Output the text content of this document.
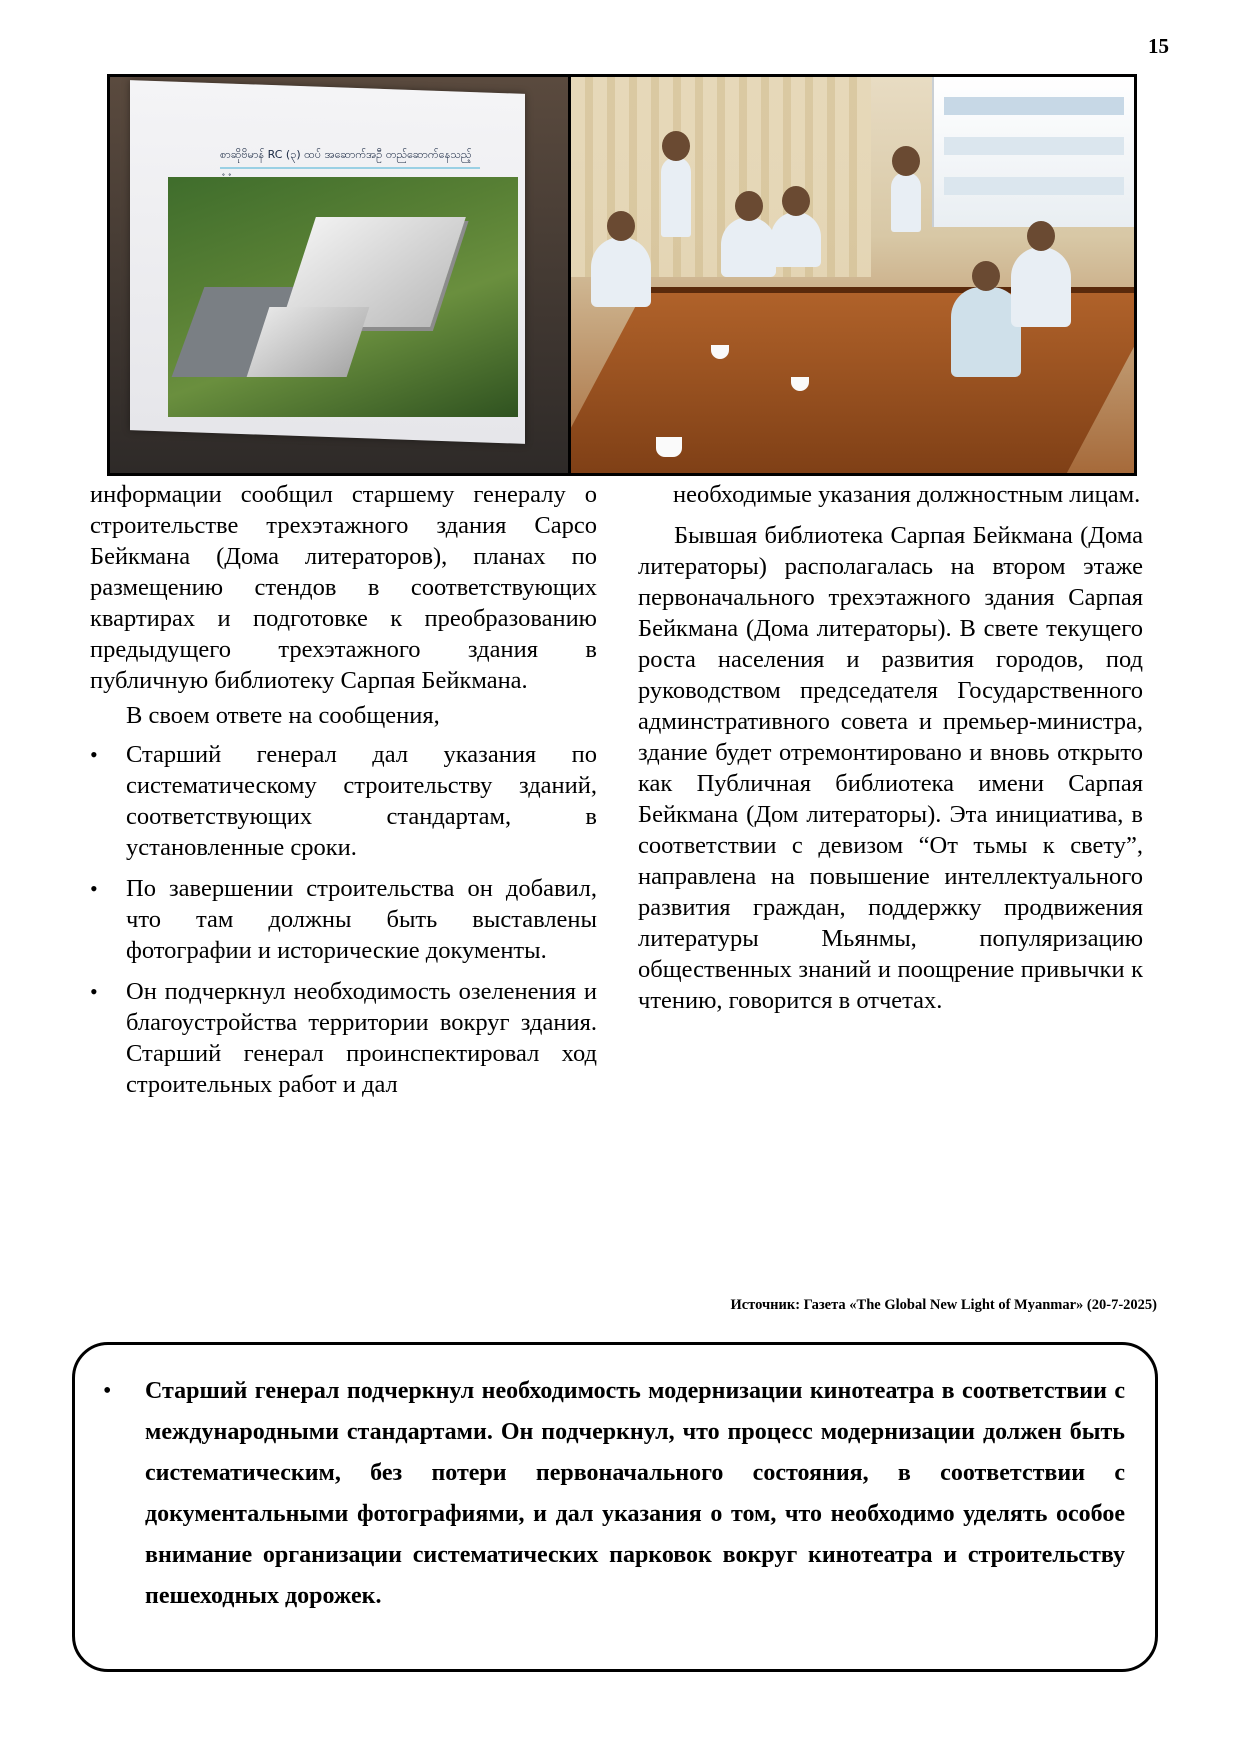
15
စာဆိုဗိမာန် RC (၃) ထပ် အဆောက်အဦ တည်ဆောက်နေသည့်

информации сообщил старшему генералу о строительстве трехэтажного здания Сарсо Бейкмана (Дома литераторов), планах по размещению стендов в соответствующих квартирах и подготовке к преобразованию предыдущего трехэтажного здания в публичную библиотеку Сарпая Бейкмана.

В своем ответе на сообщения,

•	Старший генерал дал указания по систематическому строительству зданий, соответствующих стандартам, в установленные сроки.
•	По завершении строительства он добавил, что там должны быть выставлены фотографии и исторические документы.
•	Он подчеркнул необходимость озеленения и благоустройства территории вокруг здания. Старший генерал проинспектировал ход строительных работ и дал

необходимые указания должностным лицам.

Бывшая библиотека Сарпая Бейкмана (Дома литераторы) располагалась на втором этаже первоначального трехэтажного здания Сарпая Бейкмана (Дома литераторы). В свете текущего роста населения и развития городов, под руководством председателя Государственного админстративного совета и премьер-министра, здание будет отремонтировано и вновь открыто как Публичная библиотека имени Сарпая Бейкмана (Дом литераторы). Эта инициатива, в соответствии с девизом “От тьмы к свету”, направлена на повышение интеллектуального развития граждан, поддержку продвижения литературы Мьянмы, популяризацию общественных знаний и поощрение привычки к чтению, говорится в отчетах.

Источник: Газета «The Global New Light of Myanmar» (20-7-2025)
•	Старший генерал подчеркнул необходимость модернизации кинотеатра в соответствии с международными стандартами. Он подчеркнул, что процесс модернизации должен быть систематическим, без потери первоначального состояния, в соответствии с документальными фотографиями, и дал указания о том, что необходимо уделять особое внимание организации систематических парковок вокруг кинотеатра и строительству пешеходных дорожек.
